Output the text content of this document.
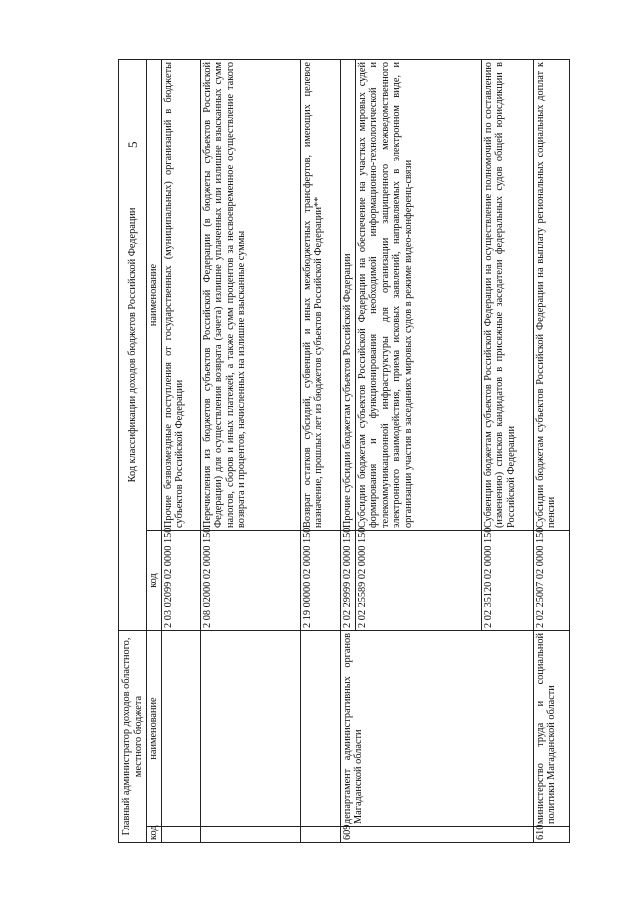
5
Главный администратор доходов областного, местного бюджета		Код классификации доходов бюджетов Российской Федерации	
код	наименование	код	наименование
		2 03 02099 02 0000 150	Прочие безвозмездные поступления от государственных (муниципальных) организаций в бюджеты субъектов Российской Федерации
		2 08 02000 02 0000 150	Перечисления из бюджетов субъектов Российской Федерации (в бюджеты субъектов Российской Федерации) для осуществления возврата (зачета) излишне уплаченных или излишне взысканных сумм налогов, сборов и иных платежей, а также сумм процентов за несвоевременное осуществление такого возврата и процентов, начисленных на излишне взысканные суммы
		2 19 00000 02 0000 150	Возврат остатков субсидий, субвенций и иных межбюджетных трансфертов, имеющих целевое назначение, прошлых лет из бюджетов субъектов Российской Федерации**
609	департамент административных органов Магаданской области	2 02 29999 02 0000 150	Прочие субсидии бюджетам субъектов Российской Федерации
		2 02 25589 02 0000 150	Субсидии бюджетам субъектов Российской Федерации на обеспечение на участках мировых судей формирования и функционирования необходимой информационно-технологической и телекоммуникационной инфраструктуры для организации защищенного межведомственного электронного взаимодействия, приема исковых заявлений, направляемых в электронном виде, и организации участия в заседаниях мировых судов в режиме видео-конференц-связи
		2 02 35120 02 0000 150	Субвенции бюджетам субъектов Российской Федерации на осуществление полномочий по составлению (изменению) списков кандидатов в присяжные заседатели федеральных судов общей юрисдикции в Российской Федерации
610	министерство труда и социальной политики Магаданской области	2 02 25007 02 0000 150	Субсидии бюджетам субъектов Российской Федерации на выплату региональных социальных доплат к пенсии
